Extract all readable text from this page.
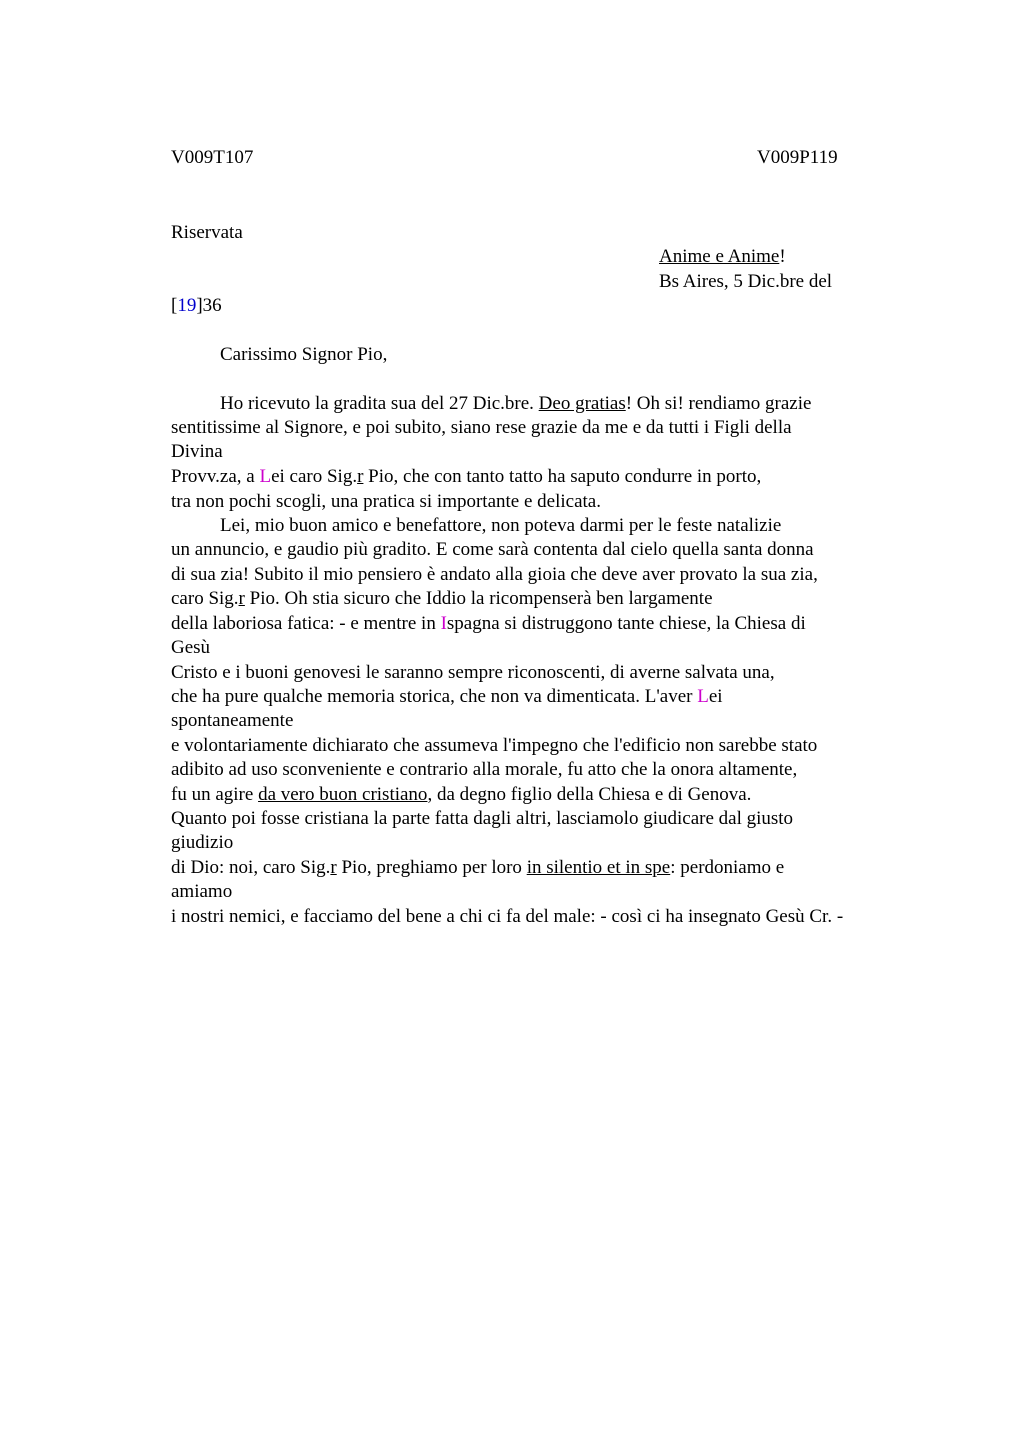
V009T107	V009P119
Riservata
Anime e Anime!
Bs Aires, 5 Dic.bre del
[19]36
Carissimo Signor Pio,
Ho ricevuto la gradita sua del 27 Dic.bre. Deo gratias! Oh si! rendiamo grazie
sentitissime al Signore, e poi subito, siano rese grazie da me e da tutti i Figli della
Divina
Provv.za, a Lei caro Sig.r Pio, che con tanto tatto ha saputo condurre in porto,
tra non pochi scogli, una pratica si importante e delicata.
Lei, mio buon amico e benefattore, non poteva darmi per le feste natalizie
un annuncio, e gaudio più gradito. E come sarà contenta dal cielo quella santa donna
di sua zia! Subito il mio pensiero è andato alla gioia che deve aver provato la sua zia,
caro Sig.r Pio. Oh stia sicuro che Iddio la ricompenserà ben largamente
della laboriosa fatica: - e mentre in Ispagna si distruggono tante chiese, la Chiesa di
Gesù
Cristo e i buoni genovesi le saranno sempre riconoscenti, di averne salvata una,
che ha pure qualche memoria storica, che non va dimenticata. L'aver Lei
spontaneamente
e volontariamente dichiarato che assumeva l'impegno che l'edificio non sarebbe stato
adibito ad uso sconveniente e contrario alla morale, fu atto che la onora altamente,
fu un agire da vero buon cristiano, da degno figlio della Chiesa e di Genova.
Quanto poi fosse cristiana la parte fatta dagli altri, lasciamolo giudicare dal giusto
giudizio
di Dio: noi, caro Sig.r Pio, preghiamo per loro in silentio et in spe: perdoniamo e
amiamo
i nostri nemici, e facciamo del bene a chi ci fa del male: - così ci ha insegnato Gesù Cr. -
